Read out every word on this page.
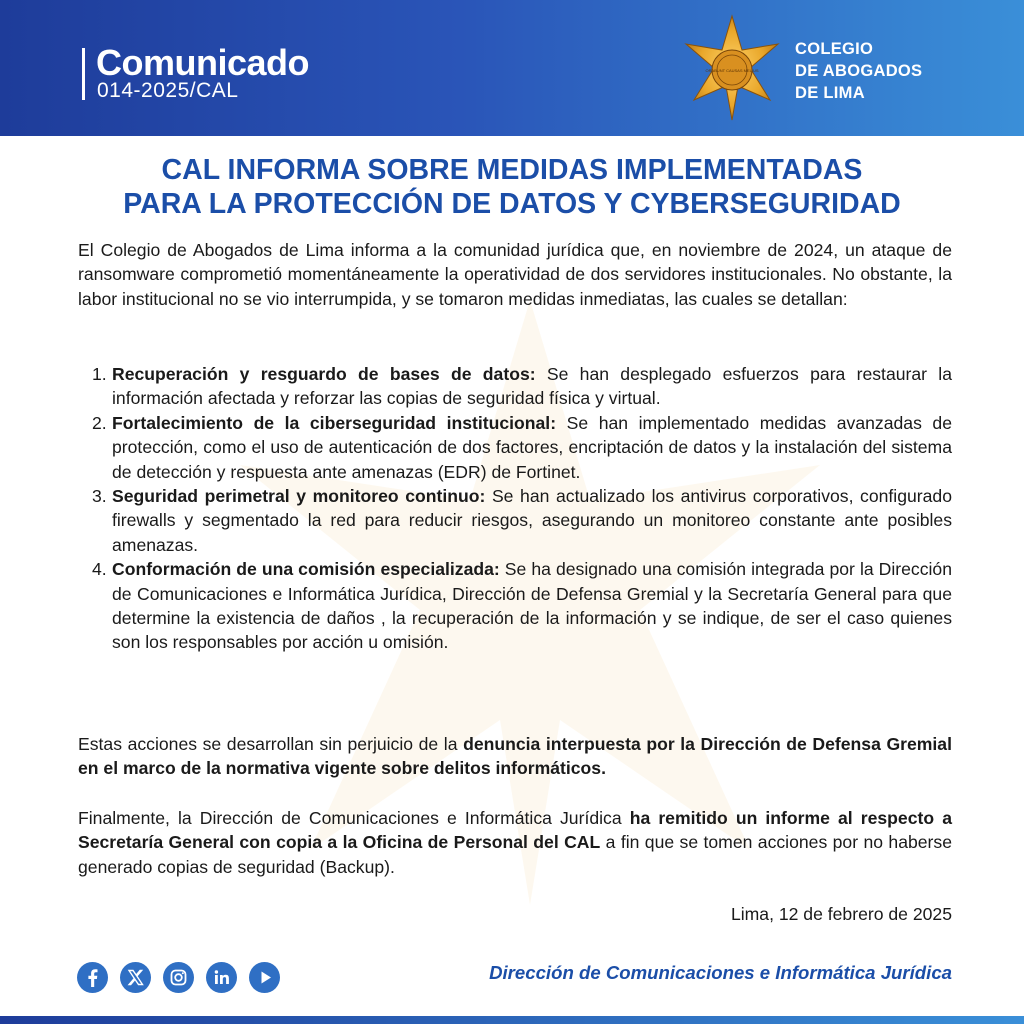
Comunicado
014-2025/CAL
ORABUNT CAUSAS MELIUS
COLEGIO
DE ABOGADOS
DE LIMA
CAL INFORMA SOBRE MEDIDAS IMPLEMENTADAS
PARA LA PROTECCIÓN DE DATOS Y CYBERSEGURIDAD
El Colegio de Abogados de Lima informa a la comunidad jurídica que, en noviembre de 2024, un ataque de ransomware comprometió momentáneamente la operatividad de dos servidores institucionales. No obstante, la labor institucional no se vio interrumpida, y se tomaron medidas inmediatas, las cuales se detallan:
1. Recuperación y resguardo de bases de datos: Se han desplegado esfuerzos para restaurar la información afectada y reforzar las copias de seguridad física y virtual.
2. Fortalecimiento de la ciberseguridad institucional: Se han implementado medidas avanzadas de protección, como el uso de autenticación de dos factores, encriptación de datos y la instalación del sistema de detección y respuesta ante amenazas (EDR) de Fortinet.
3. Seguridad perimetral y monitoreo continuo: Se han actualizado los antivirus corporativos, configurado firewalls y segmentado la red para reducir riesgos, asegurando un monitoreo constante ante posibles amenazas.
4. Conformación de una comisión especializada: Se ha designado una comisión integrada por la Dirección de Comunicaciones e Informática Jurídica, Dirección de Defensa Gremial y la Secretaría General para que determine la existencia de daños , la recuperación de la información y se indique, de ser el caso quienes son los responsables por acción u omisión.
Estas acciones se desarrollan sin perjuicio de la denuncia interpuesta por la Dirección de Defensa Gremial en el marco de la normativa vigente sobre delitos informáticos.
Finalmente, la Dirección de Comunicaciones e Informática Jurídica ha remitido un informe al respecto a Secretaría General con copia a la Oficina de Personal del CAL a fin que se tomen acciones por no haberse generado copias de seguridad (Backup).
Lima, 12 de febrero de 2025
Dirección de Comunicaciones e Informática Jurídica
